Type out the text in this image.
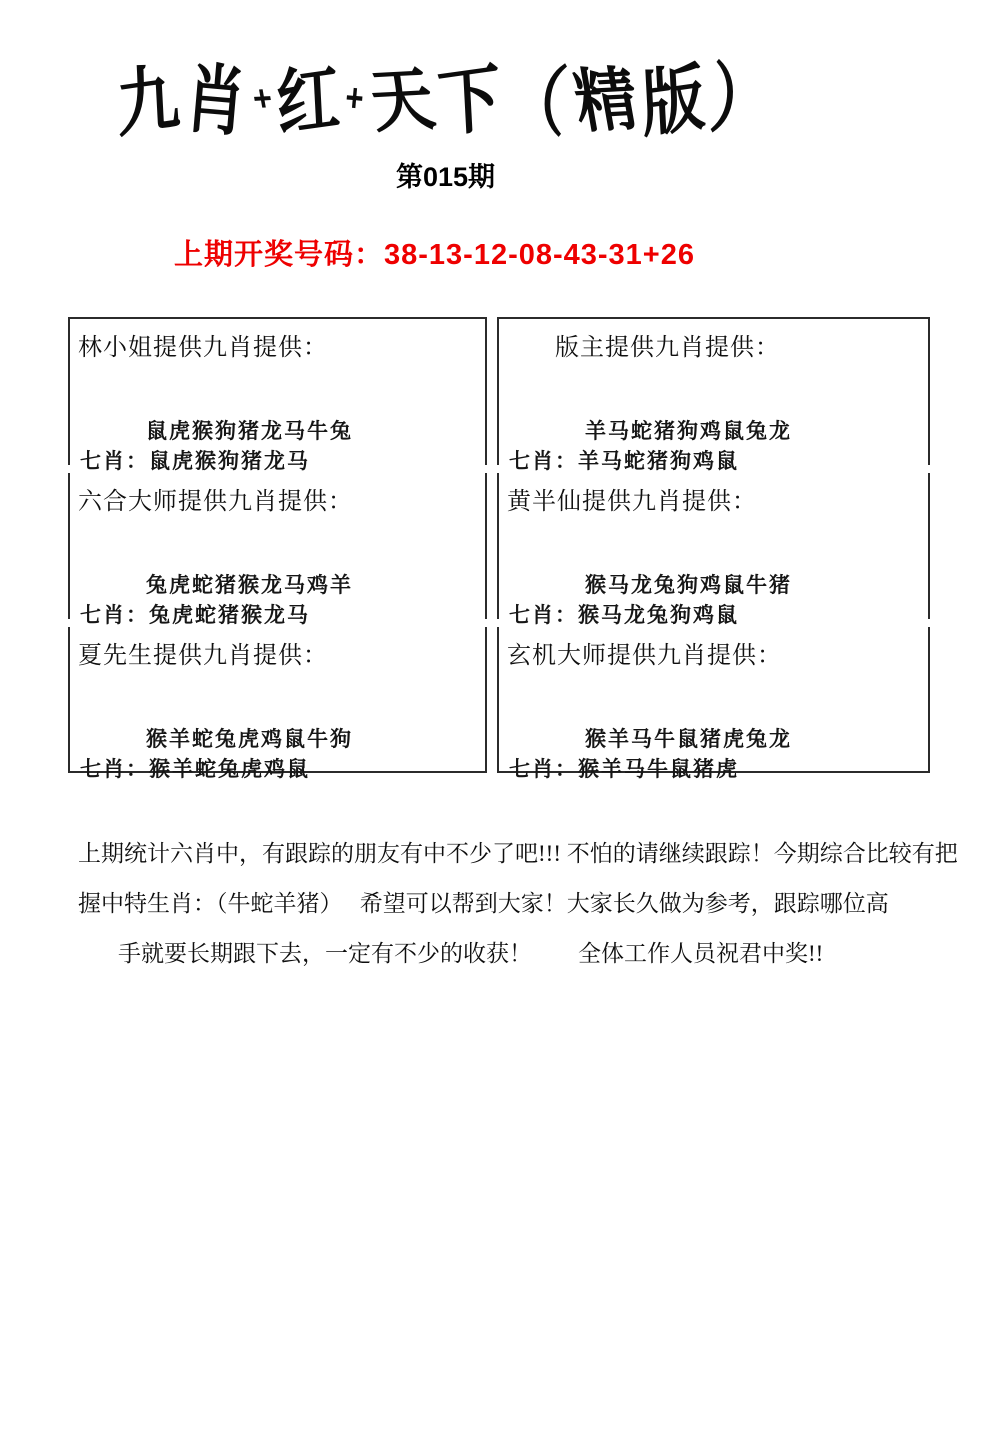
九肖+红+天下（精版）
第015期
上期开奖号码：38-13-12-08-43-31+26
林小姐提供九肖提供：
鼠虎猴狗猪龙马牛兔
七肖：鼠虎猴狗猪龙马
六合大师提供九肖提供：
兔虎蛇猪猴龙马鸡羊
七肖：兔虎蛇猪猴龙马
夏先生提供九肖提供：
猴羊蛇兔虎鸡鼠牛狗
七肖：猴羊蛇兔虎鸡鼠
版主提供九肖提供：
羊马蛇猪狗鸡鼠兔龙
七肖：羊马蛇猪狗鸡鼠
黄半仙提供九肖提供：
猴马龙兔狗鸡鼠牛猪
七肖：猴马龙兔狗鸡鼠
玄机大师提供九肖提供：
猴羊马牛鼠猪虎兔龙
七肖：猴羊马牛鼠猪虎
上期统计六肖中，有跟踪的朋友有中不少了吧!!! 不怕的请继续跟踪！今期综合比较有把
握中特生肖：（牛蛇羊猪）　 希望可以帮到大家！大家长久做为参考，跟踪哪位高
手就要长期跟下去，一定有不少的收获！　　全体工作人员祝君中奖!!
